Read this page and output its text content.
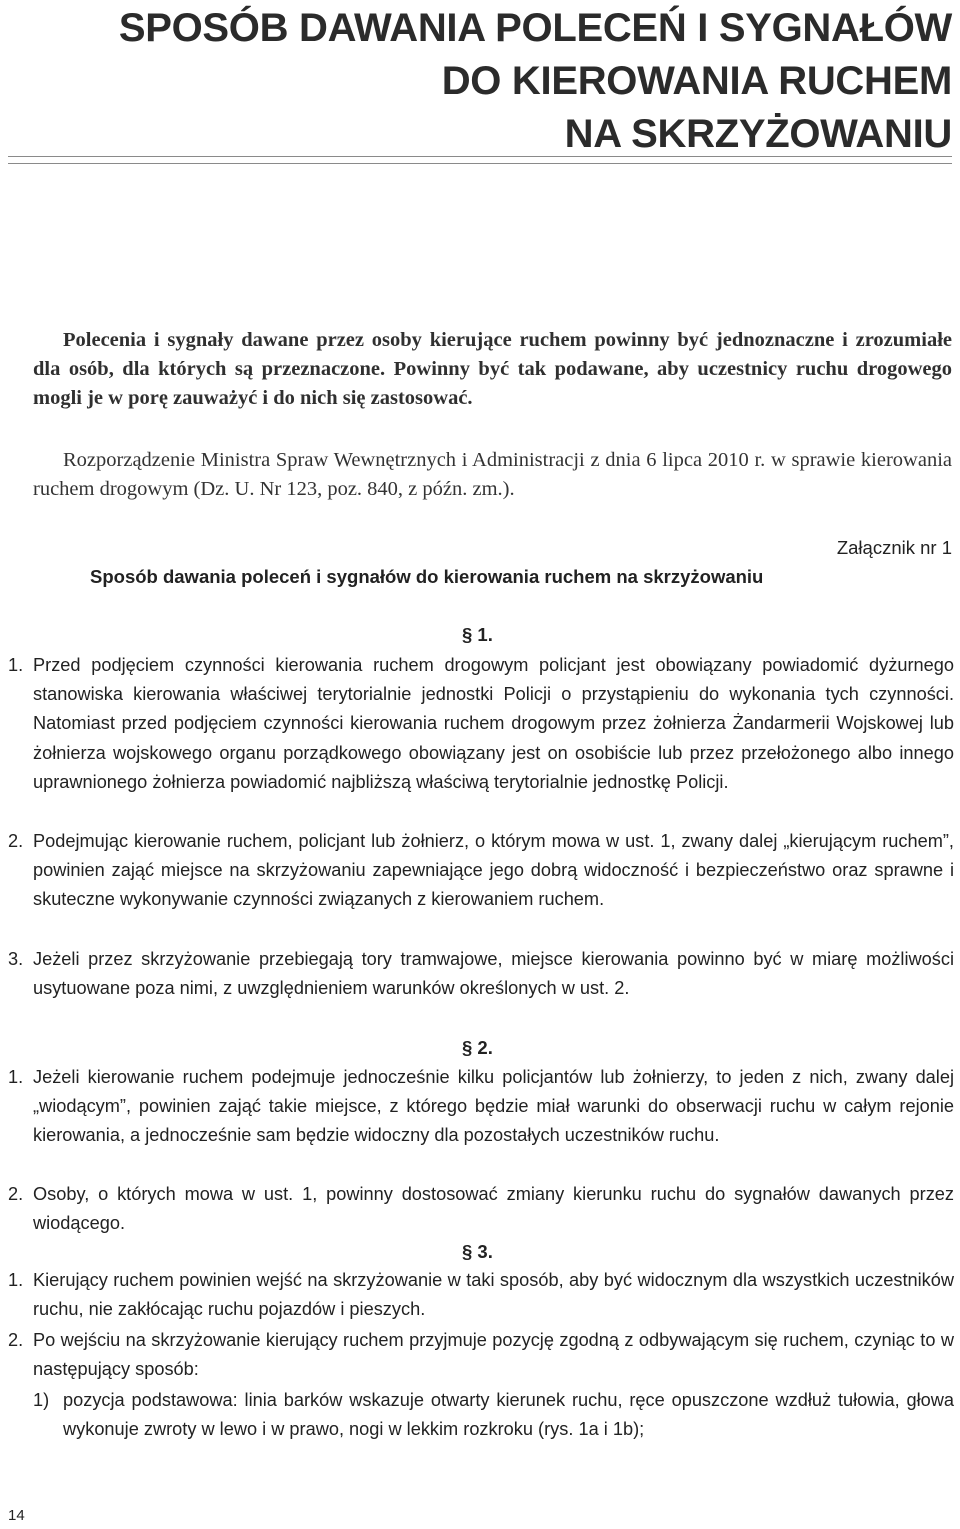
SPOSÓB DAWANIA POLECEŃ I SYGNAŁÓW
DO KIEROWANIA RUCHEM
NA SKRZYŻOWANIU
Polecenia i sygnały dawane przez osoby kierujące ruchem powinny być jednoznaczne i zrozumiałe dla osób, dla których są przeznaczone. Powinny być tak podawane, aby uczestnicy ruchu drogowego mogli je w porę zauważyć i do nich się zastosować.
Rozporządzenie Ministra Spraw Wewnętrznych i Administracji z dnia 6 lipca 2010 r. w sprawie kierowania ruchem drogowym (Dz. U. Nr 123, poz. 840, z późn. zm.).
Załącznik nr 1
Sposób dawania poleceń i sygnałów do kierowania ruchem na skrzyżowaniu
§ 1.
1. Przed podjęciem czynności kierowania ruchem drogowym policjant jest obowiązany powiadomić dyżurnego stanowiska kierowania właściwej terytorialnie jednostki Policji o przystąpieniu do wykonania tych czynności. Natomiast przed podjęciem czynności kierowania ruchem drogowym przez żołnierza Żandarmerii Wojskowej lub żołnierza wojskowego organu porządkowego obowiązany jest on osobiście lub przez przełożonego albo innego uprawnionego żołnierza powiadomić najbliższą właściwą terytorialnie jednostkę Policji.
2. Podejmując kierowanie ruchem, policjant lub żołnierz, o którym mowa w ust. 1, zwany dalej „kierującym ruchem”, powinien zająć miejsce na skrzyżowaniu zapewniające jego dobrą widoczność i bezpieczeństwo oraz sprawne i skuteczne wykonywanie czynności związanych z kierowaniem ruchem.
3. Jeżeli przez skrzyżowanie przebiegają tory tramwajowe, miejsce kierowania powinno być w miarę możliwości usytuowane poza nimi, z uwzględnieniem warunków określonych w ust. 2.
§ 2.
1. Jeżeli kierowanie ruchem podejmuje jednocześnie kilku policjantów lub żołnierzy, to jeden z nich, zwany dalej „wiodącym”, powinien zająć takie miejsce, z którego będzie miał warunki do obserwacji ruchu w całym rejonie kierowania, a jednocześnie sam będzie widoczny dla pozostałych uczestników ruchu.
2. Osoby, o których mowa w ust. 1, powinny dostosować zmiany kierunku ruchu do sygnałów dawanych przez wiodącego.
§ 3.
1. Kierujący ruchem powinien wejść na skrzyżowanie w taki sposób, aby być widocznym dla wszystkich uczestników ruchu, nie zakłócając ruchu pojazdów i pieszych.
2. Po wejściu na skrzyżowanie kierujący ruchem przyjmuje pozycję zgodną z odbywającym się ruchem, czyniąc to w następujący sposób:
1) pozycja podstawowa: linia barków wskazuje otwarty kierunek ruchu, ręce opuszczone wzdłuż tułowia, głowa wykonuje zwroty w lewo i w prawo, nogi w lekkim rozkroku (rys. 1a i 1b);
14
